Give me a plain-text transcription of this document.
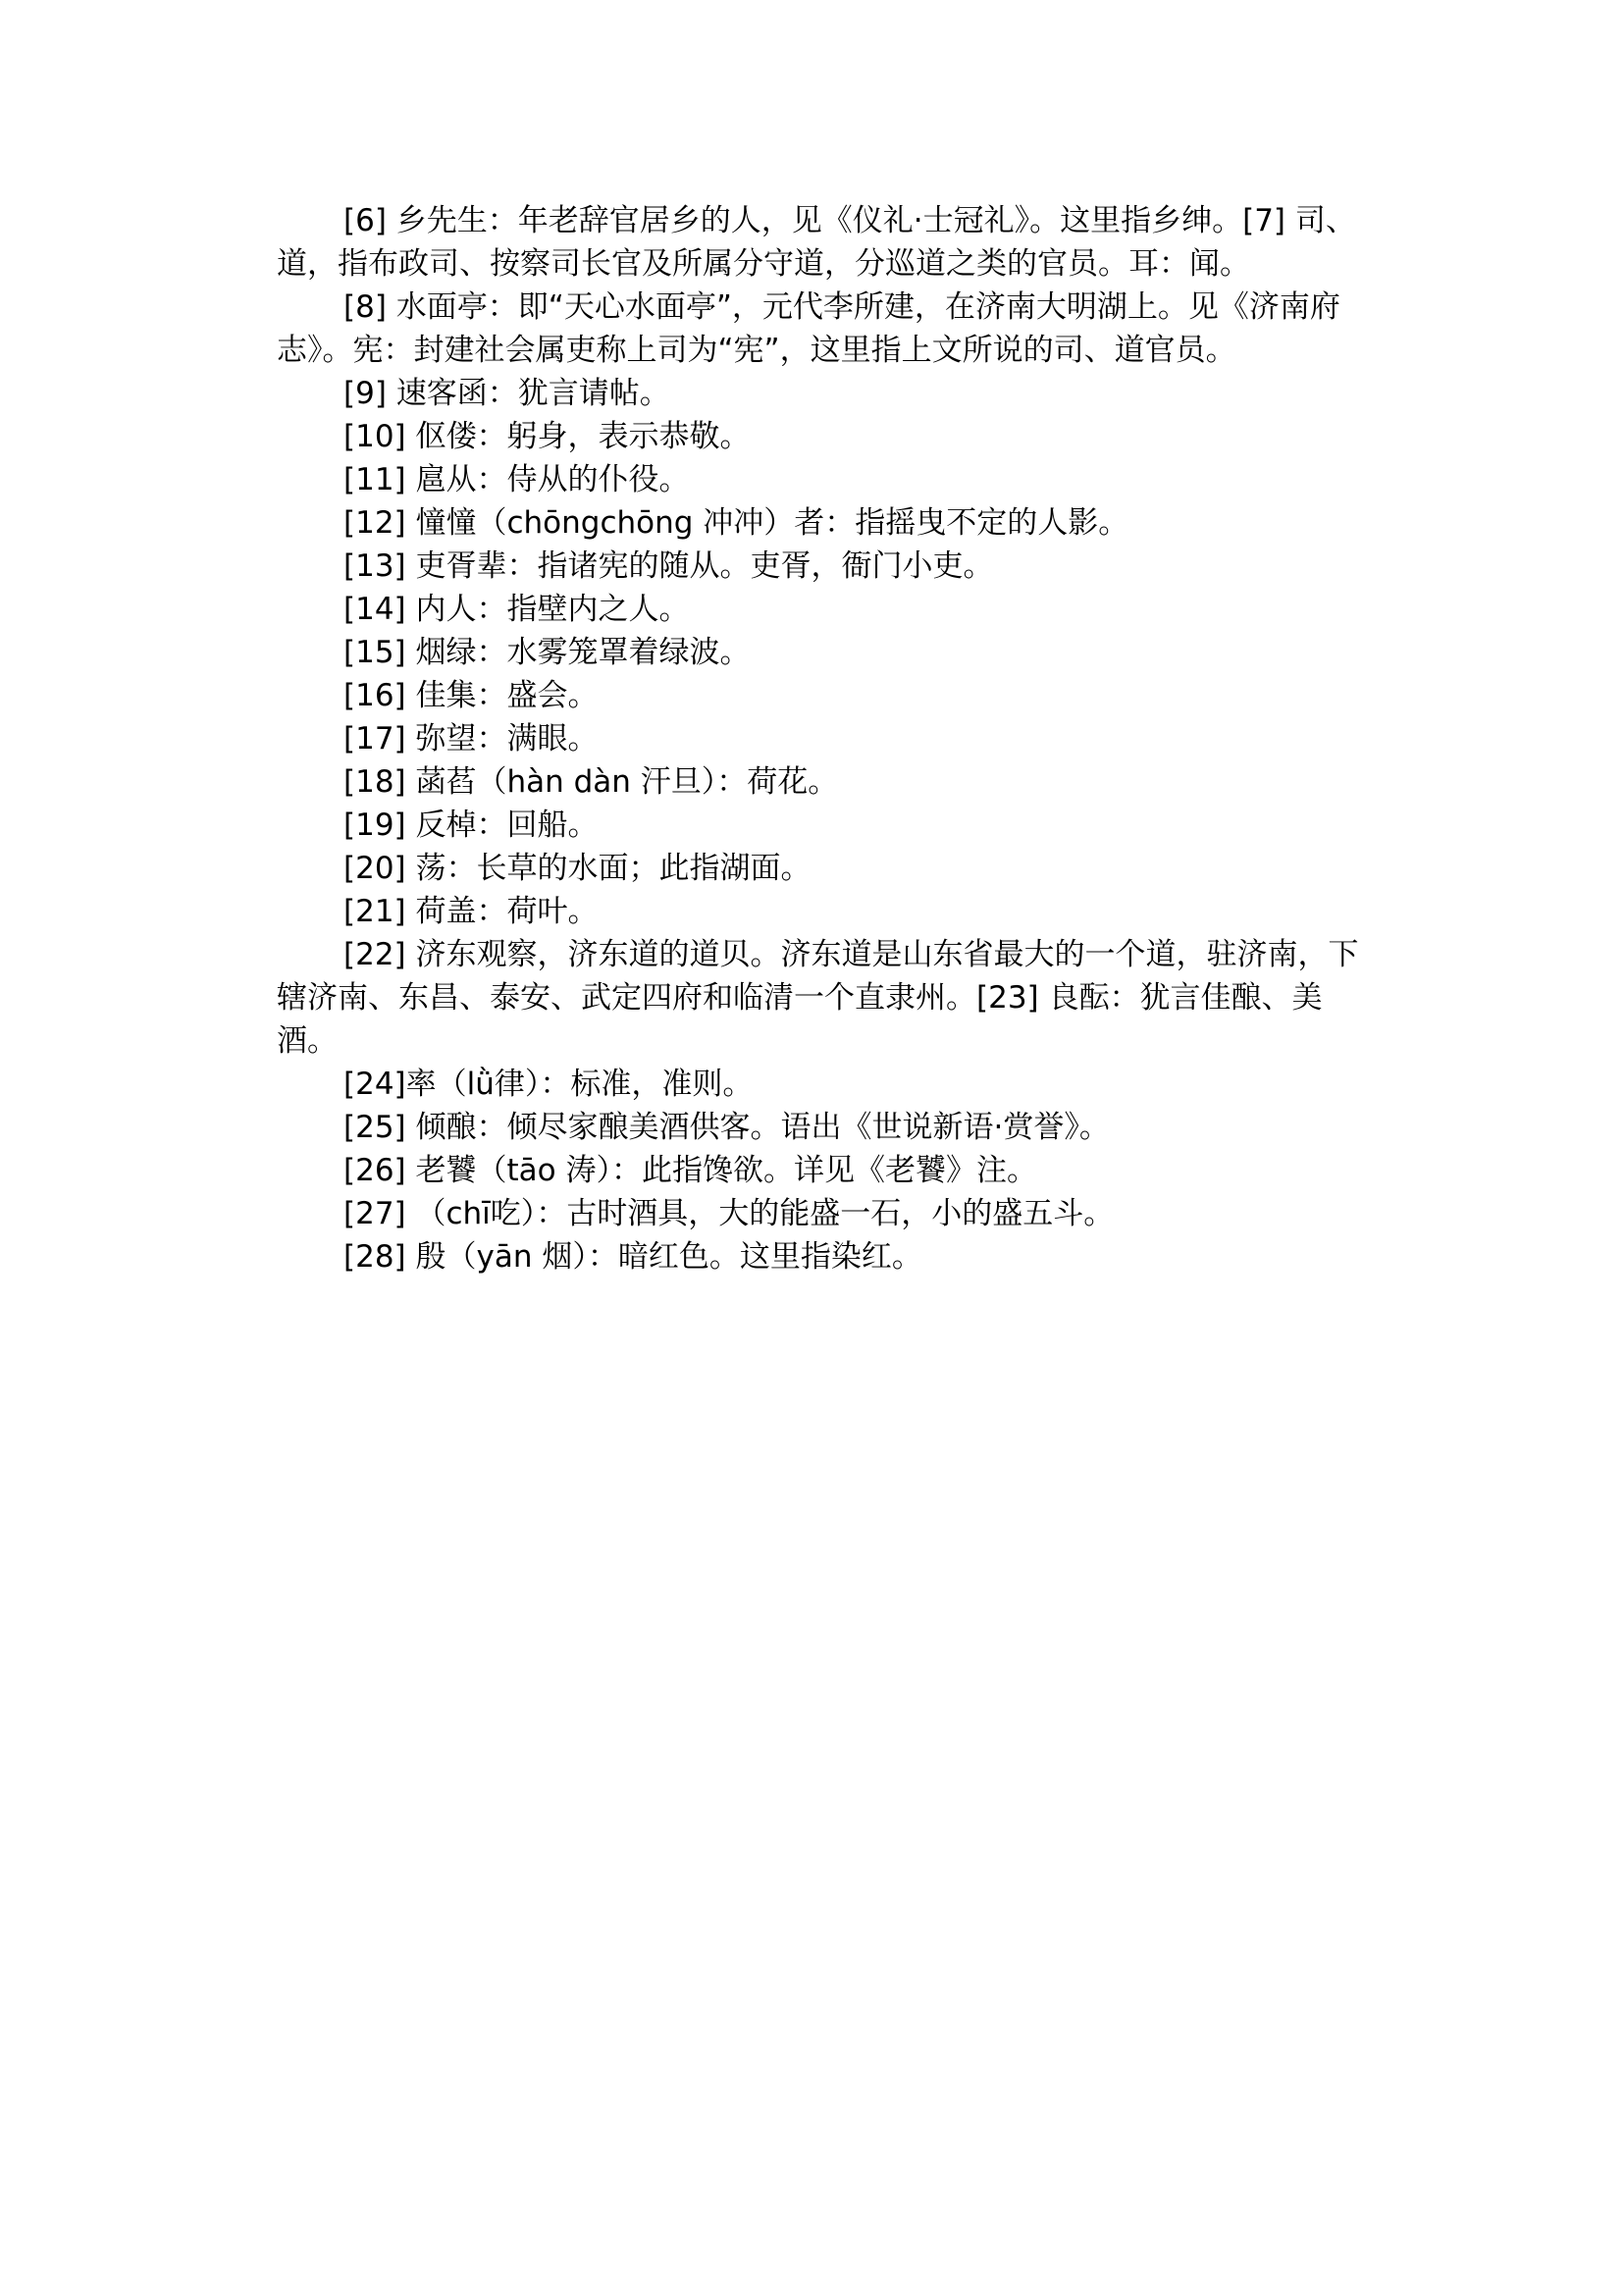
[6] 乡先生：年老辞官居乡的人，见《仪礼·士冠礼》。这里指乡绅。[7] 司、道，指布政司、按察司长官及所属分守道，分巡道之类的官员。耳：闻。

[8] 水面亭：即“天心水面亭”，元代李所建，在济南大明湖上。见《济南府志》。宪：封建社会属吏称上司为“宪”，这里指上文所说的司、道官员。

[9] 速客函：犹言请帖。

[10] 伛偻：躬身，表示恭敬。

[11] 扈从：侍从的仆役。

[12] 憧憧（chōngchōng 冲冲）者：指摇曳不定的人影。

[13] 吏胥辈：指诸宪的随从。吏胥，衙门小吏。

[14] 内人：指壁内之人。

[15] 烟绿：水雾笼罩着绿波。

[16] 佳集：盛会。

[17] 弥望：满眼。

[18] 菡萏（hàn dàn 汗旦）：荷花。

[19] 反棹：回船。

[20] 荡：长草的水面；此指湖面。

[21] 荷盖：荷叶。

[22] 济东观察，济东道的道贝。济东道是山东省最大的一个道，驻济南，下辖济南、东昌、泰安、武定四府和临清一个直隶州。[23] 良酝：犹言佳酿、美酒。

[24]率（lǜ律）：标准，准则。

[25] 倾酿：倾尽家酿美酒供客。语出《世说新语·赏誉》。

[26] 老饕（tāo 涛）：此指馋欲。详见《老饕》注。

[27] （chī吃）：古时酒具，大的能盛一石，小的盛五斗。

[28] 殷（yān 烟）：暗红色。这里指染红。
